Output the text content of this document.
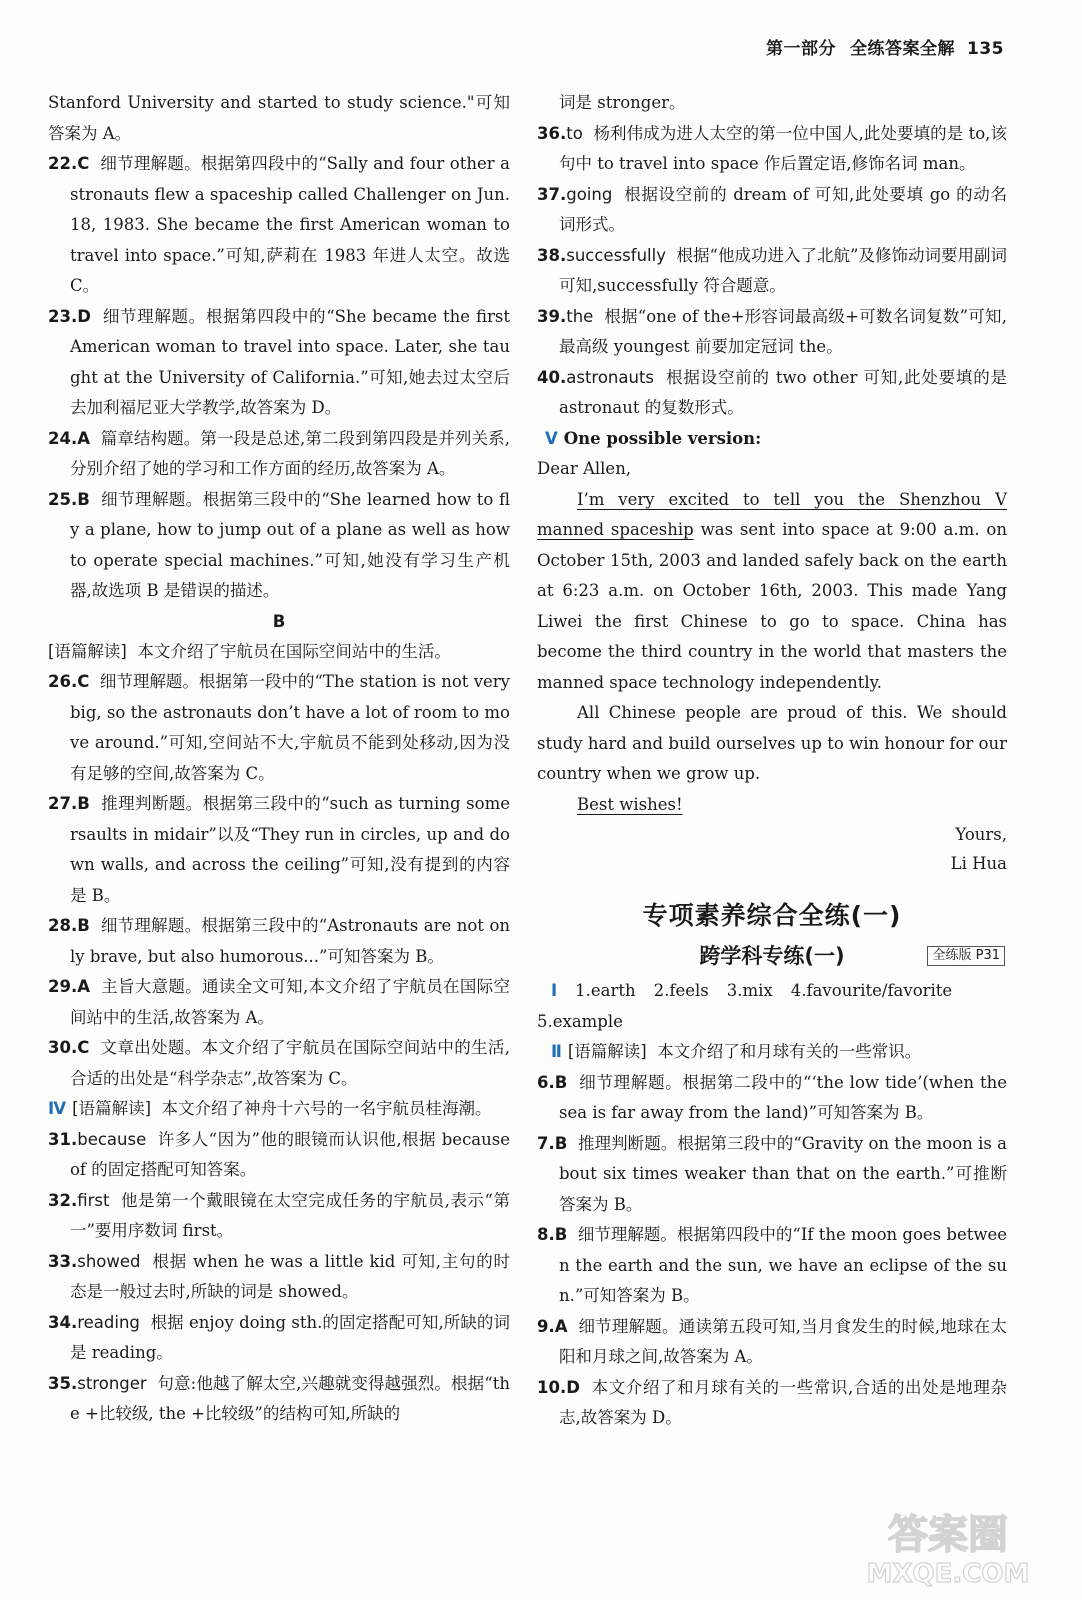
第一部分 全练答案全解 135
Stanford University and started to study science."可知答案为 A。
22.C 细节理解题。根据第四段中的“Sally and four other astronauts flew a spaceship called Challenger on Jun. 18, 1983. She became the first American woman to travel into space.”可知,萨莉在 1983 年进人太空。故选 C。
23.D 细节理解题。根据第四段中的“She became the first American woman to travel into space. Later, she taught at the University of California.”可知,她去过太空后去加利福尼亚大学教学,故答案为 D。
24.A 篇章结构题。第一段是总述,第二段到第四段是并列关系,分别介绍了她的学习和工作方面的经历,故答案为 A。
25.B 细节理解题。根据第三段中的“She learned how to fly a plane, how to jump out of a plane as well as how to operate special machines.”可知,她没有学习生产机器,故选项 B 是错误的描述。
B
[语篇解读] 本文介绍了宇航员在国际空间站中的生活。
26.C 细节理解题。根据第一段中的“The station is not very big, so the astronauts don’t have a lot of room to move around.”可知,空间站不大,宇航员不能到处移动,因为没有足够的空间,故答案为 C。
27.B 推理判断题。根据第三段中的“such as turning somersaults in midair”以及“They run in circles, up and down walls, and across the ceiling”可知,没有提到的内容是 B。
28.B 细节理解题。根据第三段中的“Astronauts are not only brave, but also humorous...”可知答案为 B。
29.A 主旨大意题。通读全文可知,本文介绍了宇航员在国际空间站中的生活,故答案为 A。
30.C 文章出处题。本文介绍了宇航员在国际空间站中的生活,合适的出处是“科学杂志”,故答案为 C。
Ⅳ [语篇解读] 本文介绍了神舟十六号的一名宇航员桂海潮。
31.because 许多人“因为”他的眼镜而认识他,根据 because of 的固定搭配可知答案。
32.first 他是第一个戴眼镜在太空完成任务的宇航员,表示“第一”要用序数词 first。
33.showed 根据 when he was a little kid 可知,主句的时态是一般过去时,所缺的词是 showed。
34.reading 根据 enjoy doing sth.的固定搭配可知,所缺的词是 reading。
35.stronger 句意:他越了解太空,兴趣就变得越强烈。根据“the +比较级, the +比较级”的结构可知,所缺的
词是 stronger。
36.to 杨利伟成为进人太空的第一位中国人,此处要填的是 to,该句中 to travel into space 作后置定语,修饰名词 man。
37.going 根据设空前的 dream of 可知,此处要填 go 的动名词形式。
38.successfully 根据“他成功进入了北航”及修饰动词要用副词可知,successfully 符合题意。
39.the 根据“one of the+形容词最高级+可数名词复数”可知,最高级 youngest 前要加定冠词 the。
40.astronauts 根据设空前的 two other 可知,此处要填的是 astronaut 的复数形式。
Ⅴ One possible version:
Dear Allen,
I’m very excited to tell you the Shenzhou V manned spaceship was sent into space at 9:00 a.m. on October 15th, 2003 and landed safely back on the earth at 6:23 a.m. on October 16th, 2003. This made Yang Liwei the first Chinese to go to space. China has become the third country in the world that masters the manned space technology independently.
All Chinese people are proud of this. We should study hard and build ourselves up to win honour for our country when we grow up.
Best wishes!
Yours,
Li Hua
专项素养综合全练(一)
跨学科专练(一)	全练版 P31
Ⅰ 1.earth 2.feels 3.mix 4.favourite/favorite
5.example
Ⅱ [语篇解读] 本文介绍了和月球有关的一些常识。
6.B 细节理解题。根据第二段中的“‘the low tide’(when the sea is far away from the land)”可知答案为 B。
7.B 推理判断题。根据第三段中的“Gravity on the moon is about six times weaker than that on the earth.”可推断答案为 B。
8.B 细节理解题。根据第四段中的“If the moon goes between the earth and the sun, we have an eclipse of the sun.”可知答案为 B。
9.A 细节理解题。通读第五段可知,当月食发生的时候,地球在太阳和月球之间,故答案为 A。
10.D 本文介绍了和月球有关的一些常识,合适的出处是地理杂志,故答案为 D。
答案圈
MXQE.COM
